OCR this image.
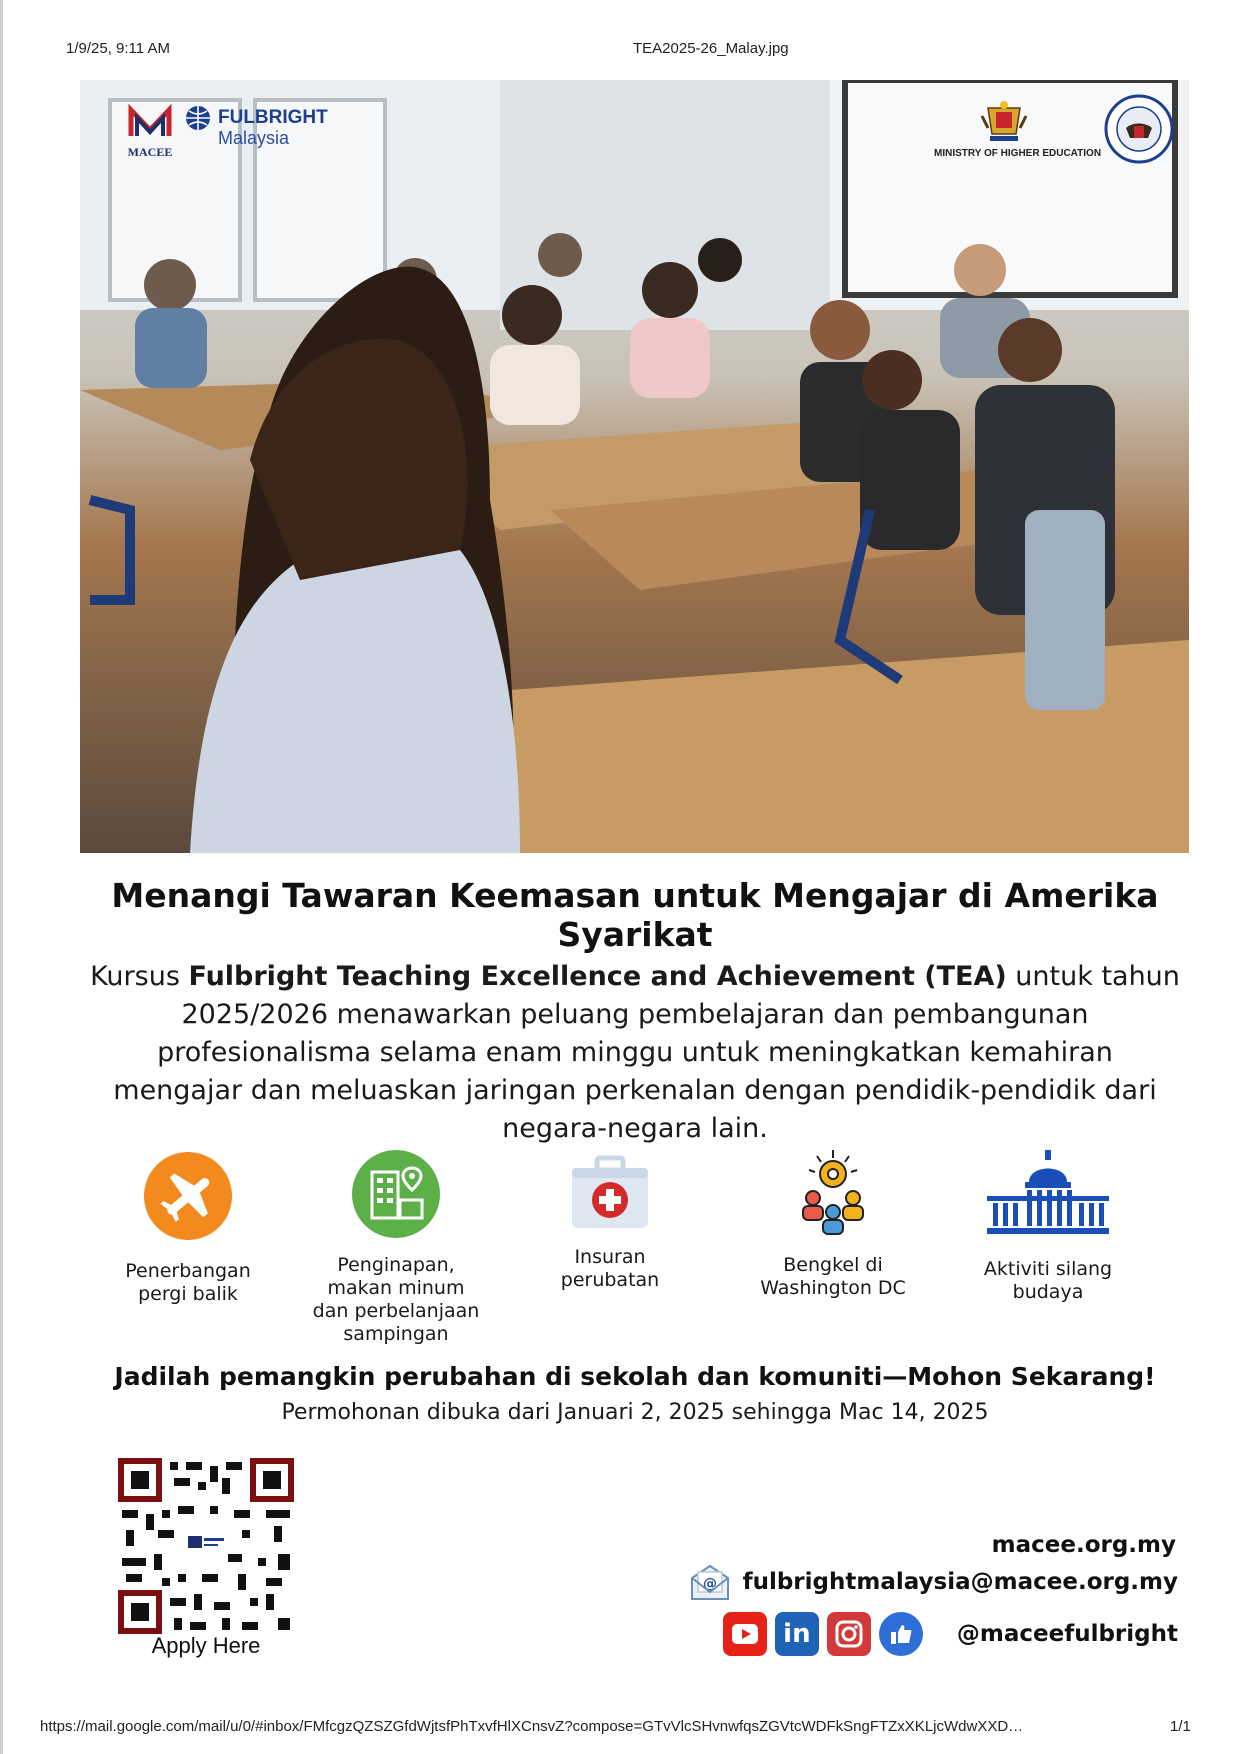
1/9/25, 9:11 AM	TEA2025-26_Malay.jpg
MACEE
FULBRIGHT
Malaysia
MINISTRY OF HIGHER EDUCATION
Menangi Tawaran Keemasan untuk Mengajar di Amerika Syarikat
Kursus Fulbright Teaching Excellence and Achievement (TEA) untuk tahun 2025/2026 menawarkan peluang pembelajaran dan pembangunan profesionalisma selama enam minggu untuk meningkatkan kemahiran mengajar dan meluaskan jaringan perkenalan dengan pendidik-pendidik dari negara-negara lain.
Penerbangan
pergi balik
Penginapan,
makan minum
dan perbelanjaan
sampingan
Insuran
perubatan
Bengkel di
Washington DC
Aktiviti silang
budaya
Jadilah pemangkin perubahan di sekolah dan komuniti—Mohon Sekarang!
Permohonan dibuka dari Januari 2, 2025 sehingga Mac 14, 2025
Apply Here
macee.org.my
@ fulbrightmalaysia@macee.org.my
in	@maceefulbright
https://mail.google.com/mail/u/0/#inbox/FMfcgzQZSZGfdWjtsfPhTxvfHlXCnsvZ?compose=GTvVlcSHvnwfqsZGVtcWDFkSngFTZxXKLjcWdwXXD…	1/1
